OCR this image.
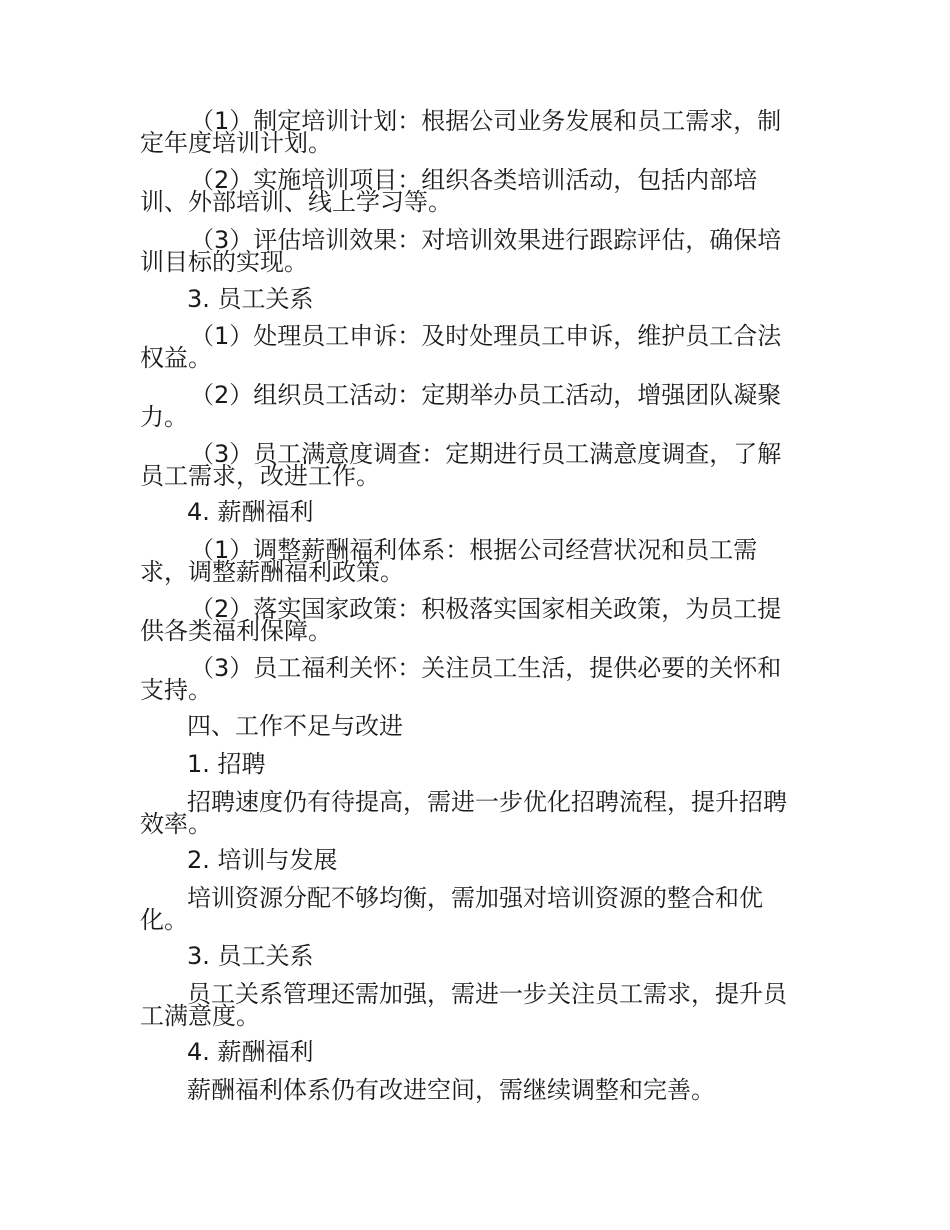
（1）制定培训计划：根据公司业务发展和员工需求，制
定年度培训计划。
（2）实施培训项目：组织各类培训活动，包括内部培
训、外部培训、线上学习等。
（3）评估培训效果：对培训效果进行跟踪评估，确保培
训目标的实现。
3. 员工关系
（1）处理员工申诉：及时处理员工申诉，维护员工合法
权益。
（2）组织员工活动：定期举办员工活动，增强团队凝聚
力。
（3）员工满意度调查：定期进行员工满意度调查，了解
员工需求，改进工作。
4. 薪酬福利
（1）调整薪酬福利体系：根据公司经营状况和员工需
求，调整薪酬福利政策。
（2）落实国家政策：积极落实国家相关政策，为员工提
供各类福利保障。
（3）员工福利关怀：关注员工生活，提供必要的关怀和
支持。
四、工作不足与改进
1. 招聘
招聘速度仍有待提高，需进一步优化招聘流程，提升招聘
效率。
2. 培训与发展
培训资源分配不够均衡，需加强对培训资源的整合和优
化。
3. 员工关系
员工关系管理还需加强，需进一步关注员工需求，提升员
工满意度。
4. 薪酬福利
薪酬福利体系仍有改进空间，需继续调整和完善。
